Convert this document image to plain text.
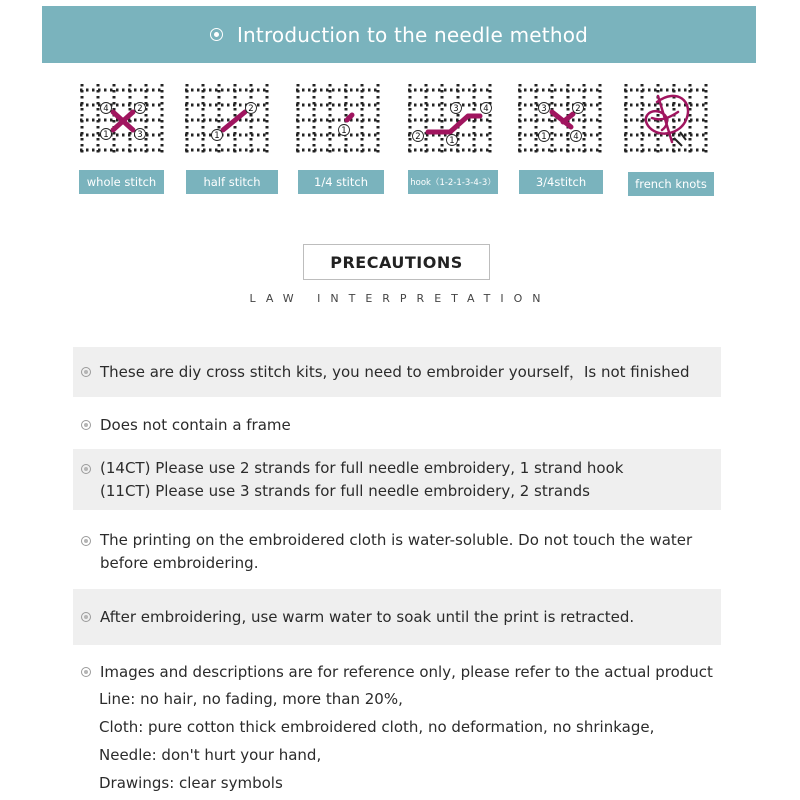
Introduction to the needle method
4	2
1	3
2
1	1
3	4
2	1
3	2
1	4
whole stitch	half stitch	1/4 stitch	hook（1-2-1-3-4-3）	3/4stitch	french knots
PRECAUTIONS
LAW INTERPRETATION
These are diy cross stitch kits, you need to embroider yourself，Is not finished
Does not contain a frame
(14CT) Please use 2 strands for full needle embroidery, 1 strand hook
(11CT) Please use 3 strands for full needle embroidery, 2 strands
The printing on the embroidered cloth is water-soluble. Do not touch the water
before embroidering.
After embroidering, use warm water to soak until the print is retracted.
Images and descriptions are for reference only, please refer to the actual product
Line: no hair, no fading, more than 20%,
Cloth: pure cotton thick embroidered cloth, no deformation, no shrinkage,
Needle: don't hurt your hand,
Drawings: clear symbols
